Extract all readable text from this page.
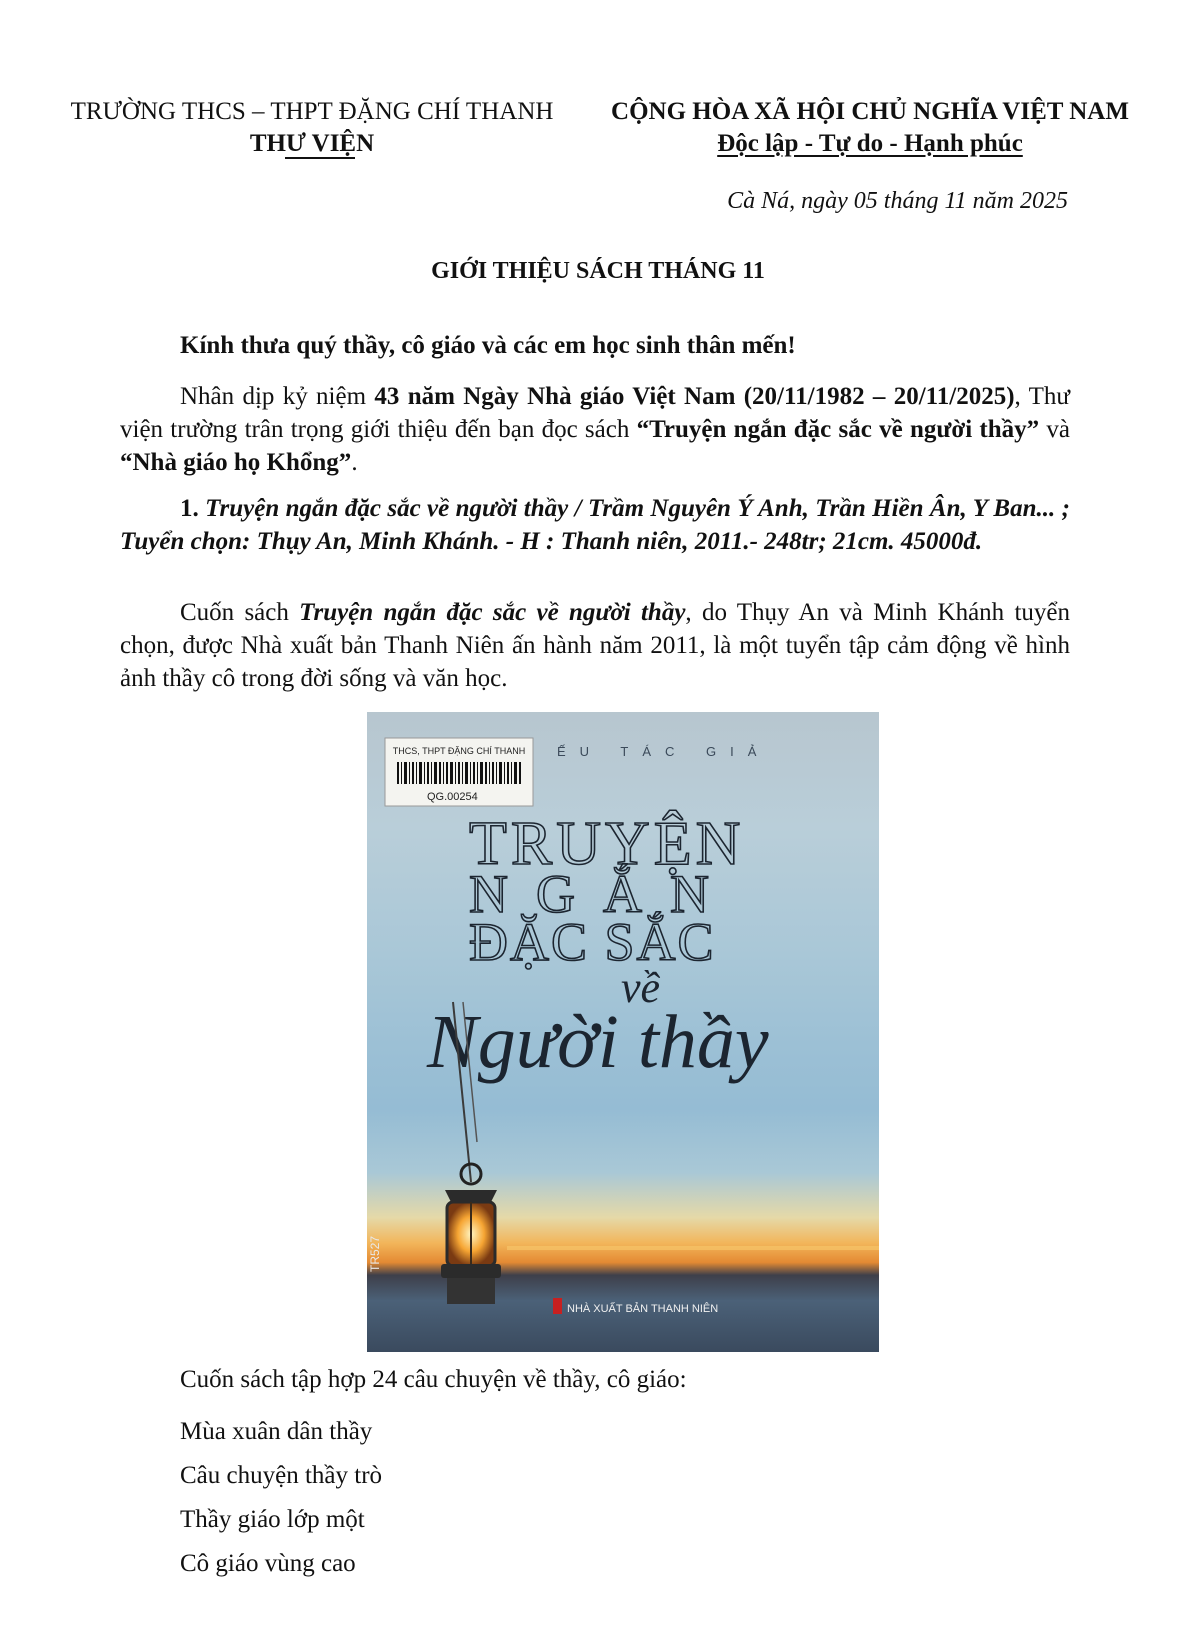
TRƯỜNG THCS – THPT ĐẶNG CHÍ THANH
THƯ VIỆN
CỘNG HÒA XÃ HỘI CHỦ NGHĨA VIỆT NAM
Độc lập - Tự do - Hạnh phúc
Cà Ná, ngày 05 tháng 11 năm 2025
GIỚI THIỆU SÁCH THÁNG 11
Kính thưa quý thầy, cô giáo và các em học sinh thân mến!
Nhân dịp kỷ niệm 43 năm Ngày Nhà giáo Việt Nam (20/11/1982 – 20/11/2025), Thư viện trường trân trọng giới thiệu đến bạn đọc sách “Truyện ngắn đặc sắc về người thầy” và “Nhà giáo họ Khổng”.
1. Truyện ngắn đặc sắc về người thầy / Trầm Nguyên Ý Anh, Trần Hiền Ân, Y Ban... ; Tuyển chọn: Thụy An, Minh Khánh. - H : Thanh niên, 2011.- 248tr; 21cm. 45000đ.
Cuốn sách Truyện ngắn đặc sắc về người thầy, do Thụy An và Minh Khánh tuyển chọn, được Nhà xuất bản Thanh Niên ấn hành năm 2011, là một tuyển tập cảm động về hình ảnh thầy cô trong đời sống và văn học.
THCS, THPT ĐẶNG CHÍ THANH
QG.00254
ẾU TÁC GIẢ
TRUYỆN
NGẮN
ĐẶC SẮC
về
Người thầy
TR527
NHÀ XUẤT BẢN THANH NIÊN
Cuốn sách tập hợp 24 câu chuyện về thầy, cô giáo:
Mùa xuân dân thầy
Câu chuyện thầy trò
Thầy giáo lớp một
Cô giáo vùng cao
